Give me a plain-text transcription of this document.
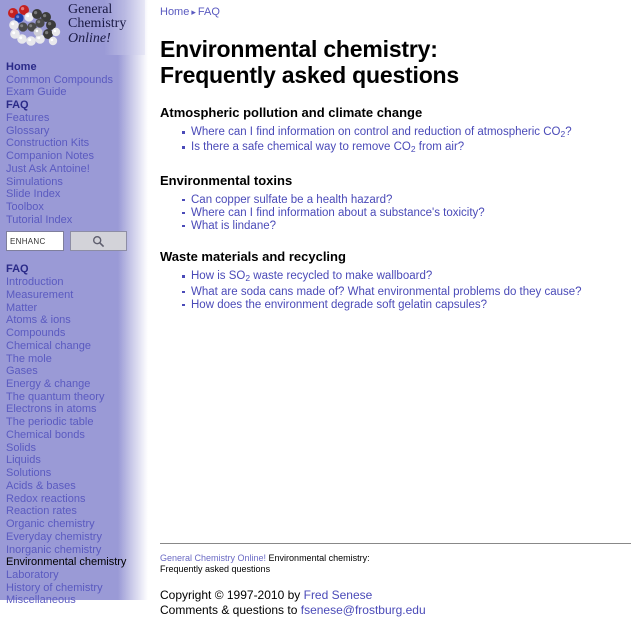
General
Chemistry
Online!
Home
Common Compounds
Exam Guide
FAQ
Features
Glossary
Construction Kits
Companion Notes
Just Ask Antoine!
Simulations
Slide Index
Toolbox
Tutorial Index
ENHANC
FAQ
Introduction
Measurement
Matter
Atoms & ions
Compounds
Chemical change
The mole
Gases
Energy & change
The quantum theory
Electrons in atoms
The periodic table
Chemical bonds
Solids
Liquids
Solutions
Acids & bases
Redox reactions
Reaction rates
Organic chemistry
Everyday chemistry
Inorganic chemistry
Environmental chemistry
Laboratory
History of chemistry
Miscellaneous
Home ▸ FAQ
Environmental chemistry:
Frequently asked questions
Atmospheric pollution and climate change
Where can I find information on control and reduction of atmospheric $CO_2$?
Is there a safe chemical way to remove $CO_2$ from air?
Environmental toxins
Can copper sulfate be a health hazard?
Where can I find information about a substance's toxicity?
What is lindane?
Waste materials and recycling
How is $SO_2$ waste recycled to make wallboard?
What are soda cans made of? What environmental problems do they cause?
How does the environment degrade soft gelatin capsules?
General Chemistry Online! Environmental chemistry:
Frequently asked questions
Copyright © 1997-2010 by Fred Senese
Comments & questions to fsenese@frostburg.edu
